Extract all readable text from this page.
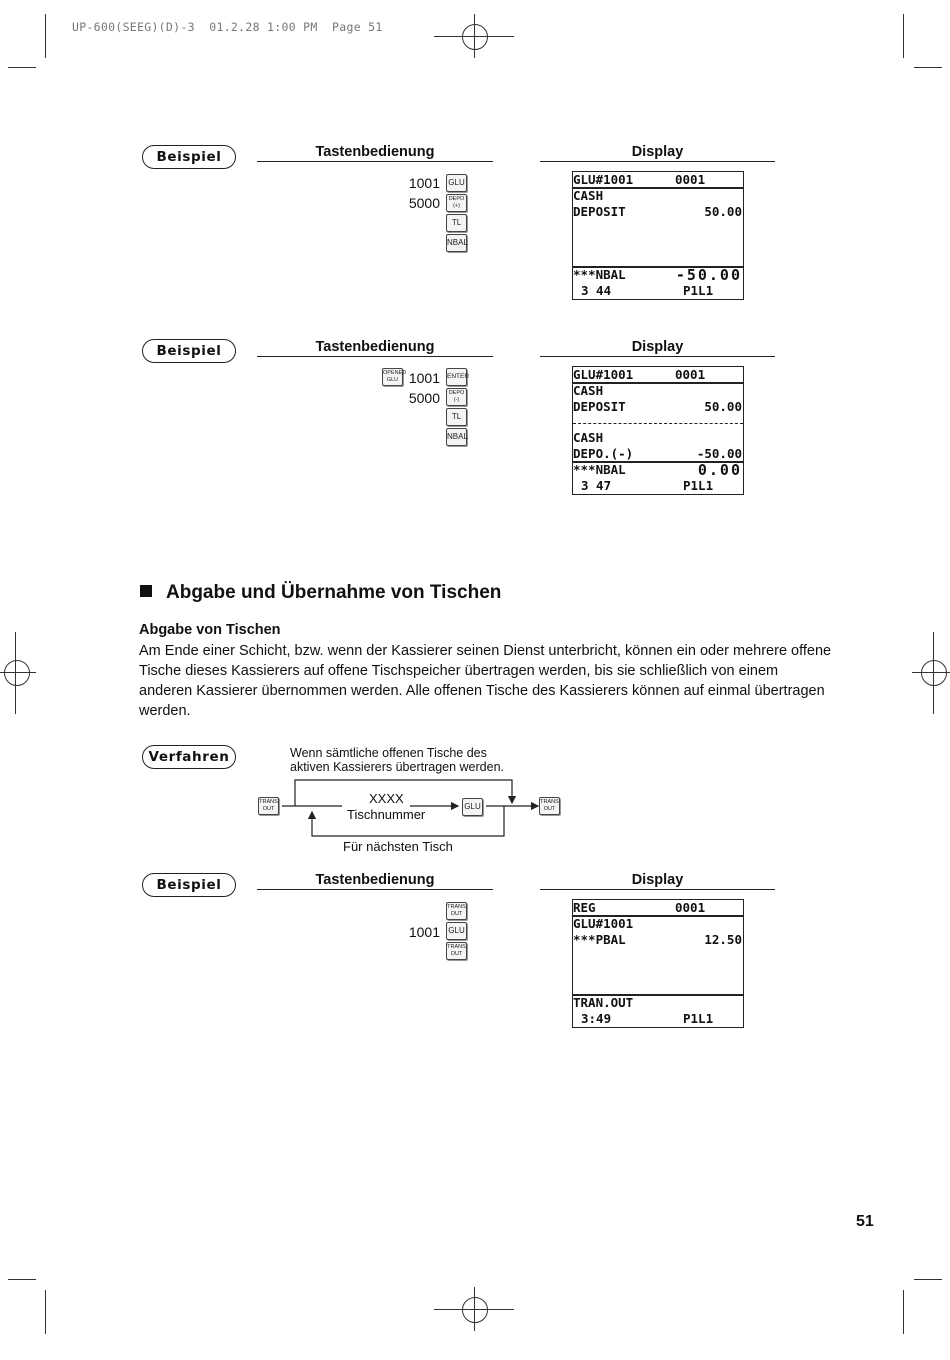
UP-600(SEEG)(D)-3  01.2.28 1:00 PM  Page 51
Beispiel	Tastenbedienung	Display
1001 GLU
5000	DEPO
(+)
TL
NBAL
GLU#1001	0001
CASH
DEPOSIT	50.00
***NBAL	-50.00
3 44	P1L1
Beispiel	Tastenbedienung	Display
OPENED
GLU 1001 ENTER
5000	DEPO
(-)
TL
NBAL
GLU#1001	0001
CASH
DEPOSIT	50.00
CASH
DEPO.(-)	-50.00
***NBAL	0.00
3 47	P1L1
Abgabe und Übernahme von Tischen
Abgabe von Tischen
Am Ende einer Schicht, bzw. wenn der Kassierer seinen Dienst unterbricht, können ein oder mehrere offene
Tische dieses Kassierers auf offene Tischspeicher übertragen werden, bis sie schließlich von einem
anderen Kassierer übernommen werden. Alle offenen Tische des Kassierers können auf einmal übertragen
werden.
Verfahren	Wenn sämtliche offenen Tische des
aktiven Kassierers übertragen werden.
TRANS
OUT
XXXX
Tischnummer
GLU	TRANS
OUT
Für nächsten Tisch
Beispiel	Tastenbedienung	Display
TRANS
OUT
1001 GLU
TRANS
OUT
REG	0001
GLU#1001
***PBAL	12.50
TRAN.OUT
3:49	P1L1
51
